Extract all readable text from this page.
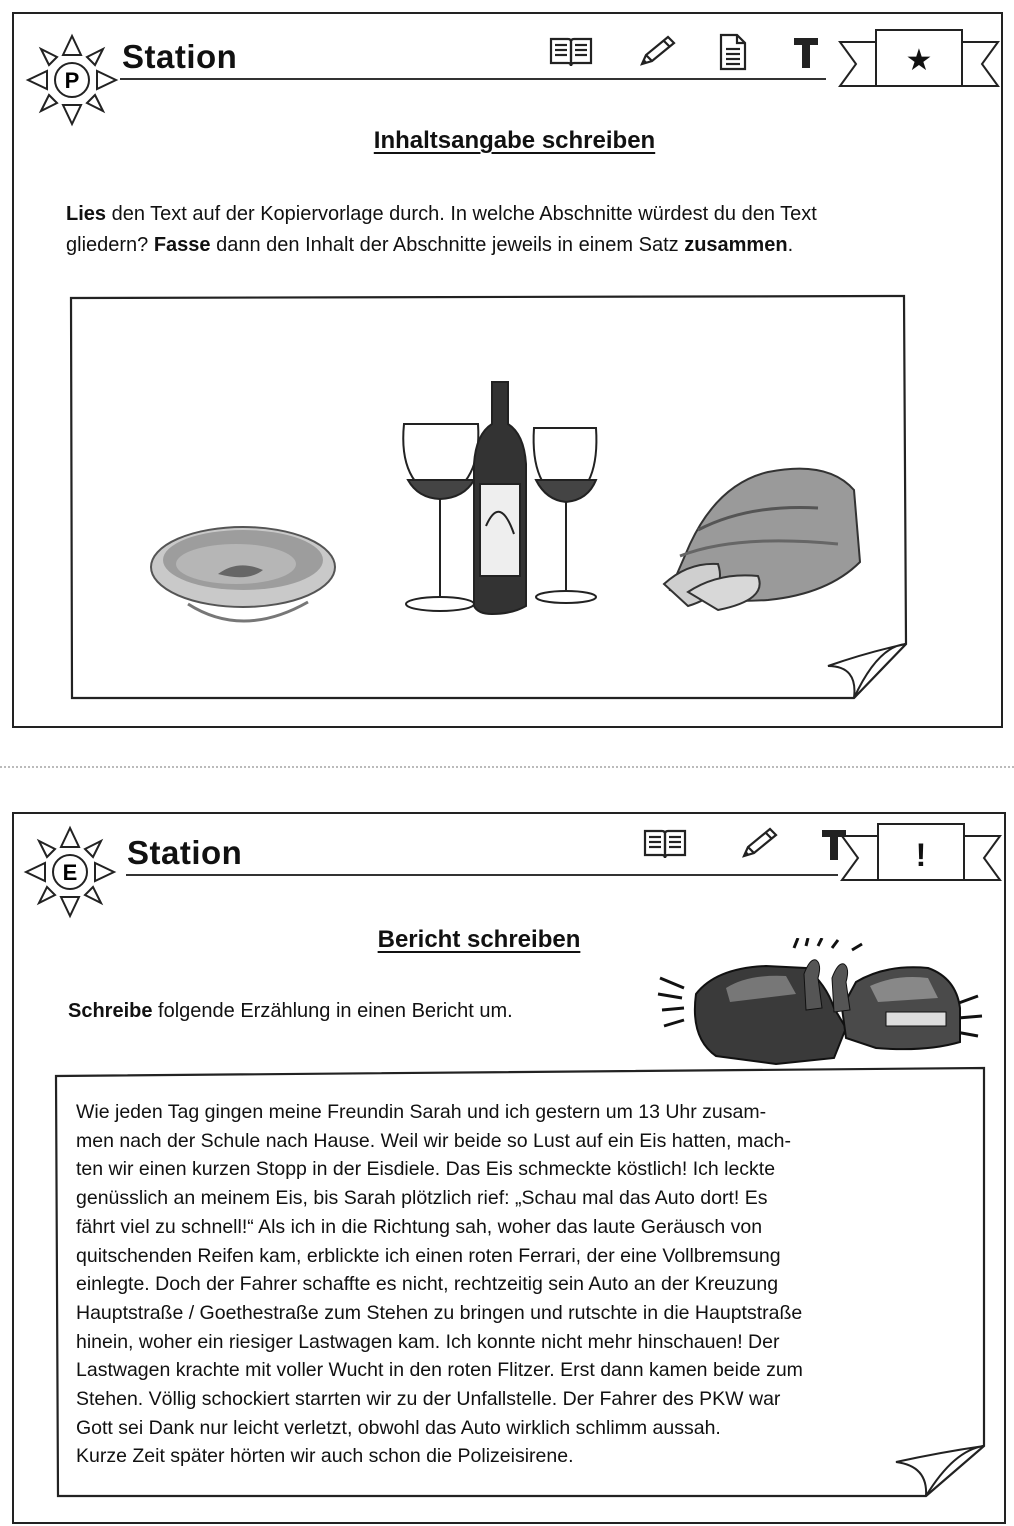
P
Station	★
Inhaltsangabe schreiben
Lies den Text auf der Kopiervorlage durch. In welche Abschnitte würdest du den Text
gliedern? Fasse dann den Inhalt der Abschnitte jeweils in einem Satz zusammen.
E
Station	!
Bericht schreiben
Schreibe folgende Erzählung in einen Bericht um.
Wie jeden Tag gingen meine Freundin Sarah und ich gestern um 13 Uhr zusam-
men nach der Schule nach Hause. Weil wir beide so Lust auf ein Eis hatten, mach-
ten wir einen kurzen Stopp in der Eisdiele. Das Eis schmeckte köstlich! Ich leckte
genüsslich an meinem Eis, bis Sarah plötzlich rief: „Schau mal das Auto dort! Es
fährt viel zu schnell!“ Als ich in die Richtung sah, woher das laute Geräusch von
quitschenden Reifen kam, erblickte ich einen roten Ferrari, der eine Vollbremsung
einlegte. Doch der Fahrer schaffte es nicht, rechtzeitig sein Auto an der Kreuzung
Hauptstraße / Goethestraße zum Stehen zu bringen und rutschte in die Hauptstraße
hinein, woher ein riesiger Lastwagen kam. Ich konnte nicht mehr hinschauen! Der
Lastwagen krachte mit voller Wucht in den roten Flitzer. Erst dann kamen beide zum
Stehen. Völlig schockiert starrten wir zu der Unfallstelle. Der Fahrer des PKW war
Gott sei Dank nur leicht verletzt, obwohl das Auto wirklich schlimm aussah.
Kurze Zeit später hörten wir auch schon die Polizeisirene.
